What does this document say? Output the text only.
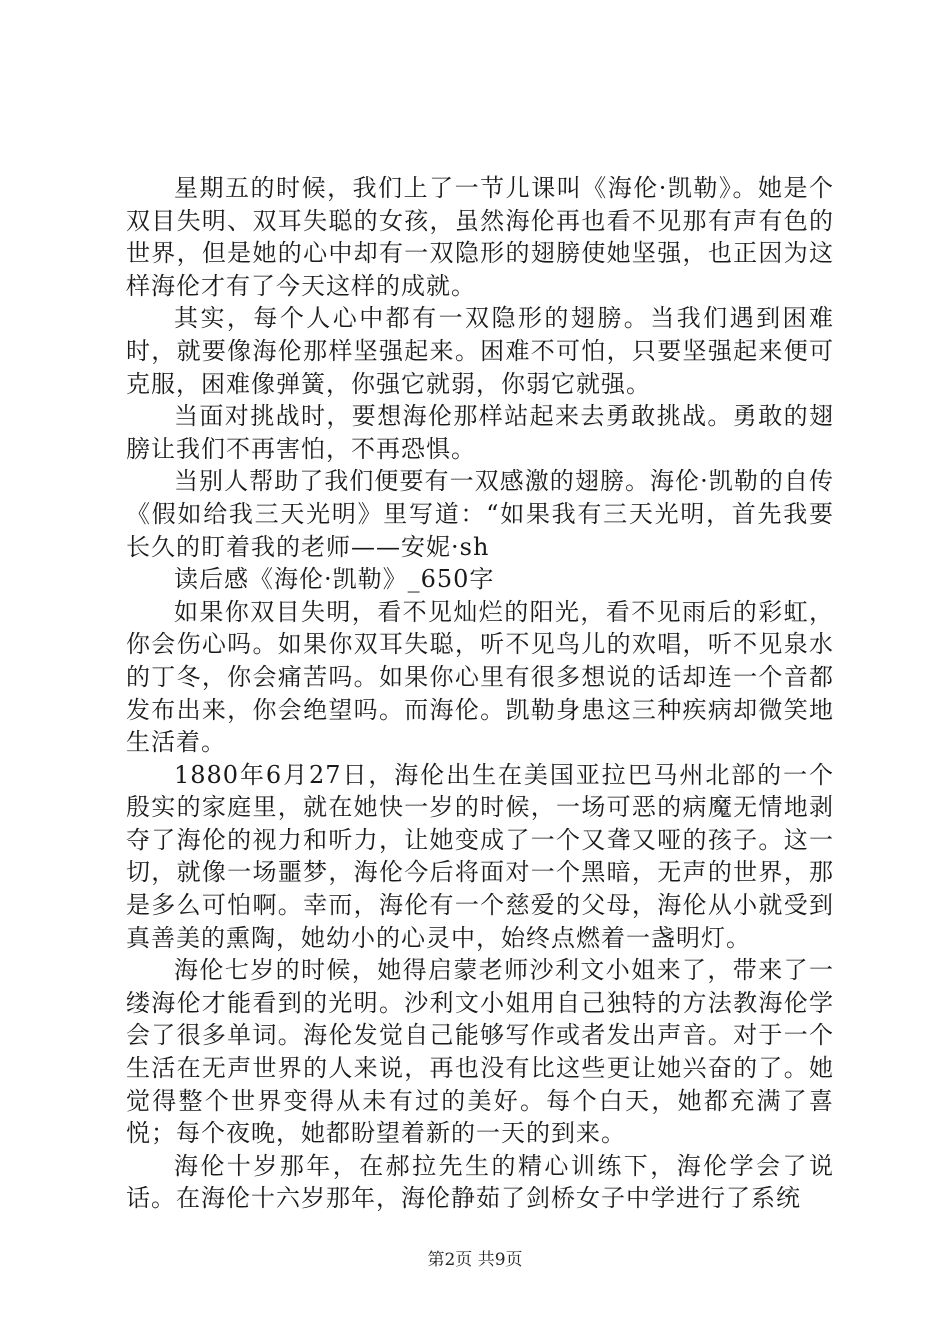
星期五的时候，我们上了一节儿课叫《海伦·凯勒》。她是个双目失明、双耳失聪的女孩，虽然海伦再也看不见那有声有色的世界，但是她的心中却有一双隐形的翅膀使她坚强，也正因为这样海伦才有了今天这样的成就。

其实，每个人心中都有一双隐形的翅膀。当我们遇到困难时，就要像海伦那样坚强起来。困难不可怕，只要坚强起来便可克服，困难像弹簧，你强它就弱，你弱它就强。

当面对挑战时，要想海伦那样站起来去勇敢挑战。勇敢的翅膀让我们不再害怕，不再恐惧。

当别人帮助了我们便要有一双感激的翅膀。海伦·凯勒的自传《假如给我三天光明》里写道：“如果我有三天光明，首先我要长久的盯着我的老师——安妮·sh

读后感《海伦·凯勒》_650字

如果你双目失明，看不见灿烂的阳光，看不见雨后的彩虹，你会伤心吗。如果你双耳失聪，听不见鸟儿的欢唱，听不见泉水的丁冬，你会痛苦吗。如果你心里有很多想说的话却连一个音都发布出来，你会绝望吗。而海伦。凯勒身患这三种疾病却微笑地生活着。

1880年6月27日，海伦出生在美国亚拉巴马州北部的一个殷实的家庭里，就在她快一岁的时候，一场可恶的病魔无情地剥夺了海伦的视力和听力，让她变成了一个又聋又哑的孩子。这一切，就像一场噩梦，海伦今后将面对一个黑暗，无声的世界，那是多么可怕啊。幸而，海伦有一个慈爱的父母，海伦从小就受到真善美的熏陶，她幼小的心灵中，始终点燃着一盏明灯。

海伦七岁的时候，她得启蒙老师沙利文小姐来了，带来了一缕海伦才能看到的光明。沙利文小姐用自己独特的方法教海伦学会了很多单词。海伦发觉自己能够写作或者发出声音。对于一个生活在无声世界的人来说，再也没有比这些更让她兴奋的了。她觉得整个世界变得从未有过的美好。每个白天，她都充满了喜悦；每个夜晚，她都盼望着新的一天的到来。

海伦十岁那年，在郝拉先生的精心训练下，海伦学会了说话。在海伦十六岁那年，海伦静茹了剑桥女子中学进行了系统

第2页 共9页
